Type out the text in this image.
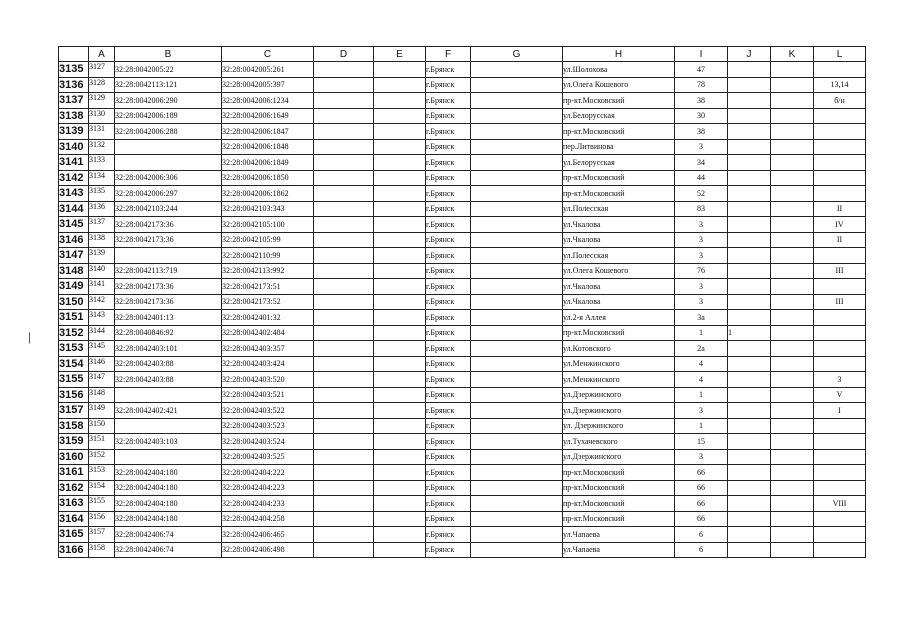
	A	B	C	D	E	F	G	H	I	J	K	L
3135	3127	32:28:0042005:22	32:28:0042005:261			г.Брянск		ул.Шолохова	47			
3136	3128	32:28:0042113:121	32:28:0042005:397			г.Брянск		ул.Олега Кошевого	78			13,14
3137	3129	32:28:0042006:290	32:28:0042006:1234			г.Брянск		пр-кт.Московский	38			б/н
3138	3130	32:28:0042006:189	32:28:0042006:1649			г.Брянск		ул.Белорусская	30			
3139	3131	32:28:0042006:288	32:28:0042006:1847			г.Брянск		пр-кт.Московский	38			
3140	3132		32:28:0042006:1848			г.Брянск		пер.Литвинова	3			
3141	3133		32:28:0042006:1849			г.Брянск		ул.Белорусская	34			
3142	3134	32:28:0042006:306	32:28:0042006:1850			г.Брянск		пр-кт.Московский	44			
3143	3135	32:28:0042006:297	32:28:0042006:1862			г.Брянск		пр-кт.Московский	52			
3144	3136	32:28:0042103:244	32:28:0042103:343			г.Брянск		ул.Полесская	83			II
3145	3137	32:28:0042173:36	32:28:0042105:100			г.Брянск		ул.Чкалова	3			IV
3146	3138	32:28:0042173:36	32:28:0042105:99			г.Брянск		ул.Чкалова	3			II
3147	3139		32:28:0042110:99			г.Брянск		ул.Полесская	3			
3148	3140	32:28:0042113:719	32:28:0042113:992			г.Брянск		ул.Олега Кошевого	76			III
3149	3141	32:28:0042173:36	32:28:0042173:51			г.Брянск		ул.Чкалова	3			
3150	3142	32:28:0042173:36	32:28:0042173:52			г.Брянск		ул.Чкалова	3			III
3151	3143	32:28:0042401:13	32:28:0042401:32			г.Брянск		ул.2-я Аллея	3а			
3152	3144	32:28:0040846:92	32:28:0042402:484			г.Брянск		пр-кт.Московский	1	1		
3153	3145	32:28:0042403:101	32:28:0042403:357			г.Брянск		ул.Котовского	2а			
3154	3146	32:28:0042403:88	32:28:0042403:424			г.Брянск		ул.Менжинского	4			
3155	3147	32:28:0042403:88	32:28:0042403:520			г.Брянск		ул.Менжинского	4			3
3156	3148		32:28:0042403:521			г.Брянск		ул.Дзержинского	1			V
3157	3149	32:28:0042402:421	32:28:0042403:522			г.Брянск		ул.Дзержинского	3			I
3158	3150		32:28:0042403:523			г.Брянск		ул. Дзержинского	1			
3159	3151	32:28:0042403:103	32:28:0042403:524			г.Брянск		ул.Тухачевского	15			
3160	3152		32:28:0042403:525			г.Брянск		ул.Дзержинского	3			
3161	3153	32:28:0042404:180	32:28:0042404:222			г.Брянск		пр-кт.Московский	66			
3162	3154	32:28:0042404:180	32:28:0042404:223			г.Брянск		пр-кт.Московский	66			
3163	3155	32:28:0042404:180	32:28:0042404:233			г.Брянск		пр-кт.Московский	66			VIII
3164	3156	32:28:0042404:180	32:28:0042404:258			г.Брянск		пр-кт.Московский	66			
3165	3157	32:28:0042406:74	32:28:0042406:465			г.Брянск		ул.Чапаева	6			
3166	3158	32:28:0042406:74	32:28:0042406:498			г.Брянск		ул.Чапаева	6			
|
